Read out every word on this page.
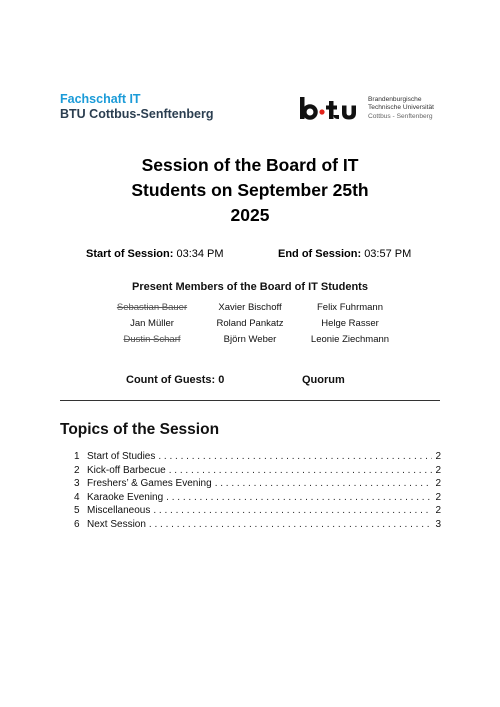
Fachschaft IT
BTU Cottbus-Senftenberg
Brandenburgische
Technische Universität
Cottbus - Senftenberg
Session of the Board of IT
Students on September 25th
2025
Start of Session: 03:34 PM	End of Session: 03:57 PM
Present Members of the Board of IT Students
Sebastian Bauer	Xavier Bischoff	Felix Fuhrmann
Jan Müller	Roland Pankatz	Helge Rasser
Dustin Scharf	Björn Weber	Leonie Ziechmann
Count of Guests: 0	Quorum
Topics of the Session
1 Start of Studies . . .	2
2 Kick-off Barbecue . . .	2
3 Freshers’ & Games Evening . . .	2
4 Karaoke Evening . . .	2
5 Miscellaneous . . .	2
6 Next Session . . .	3
